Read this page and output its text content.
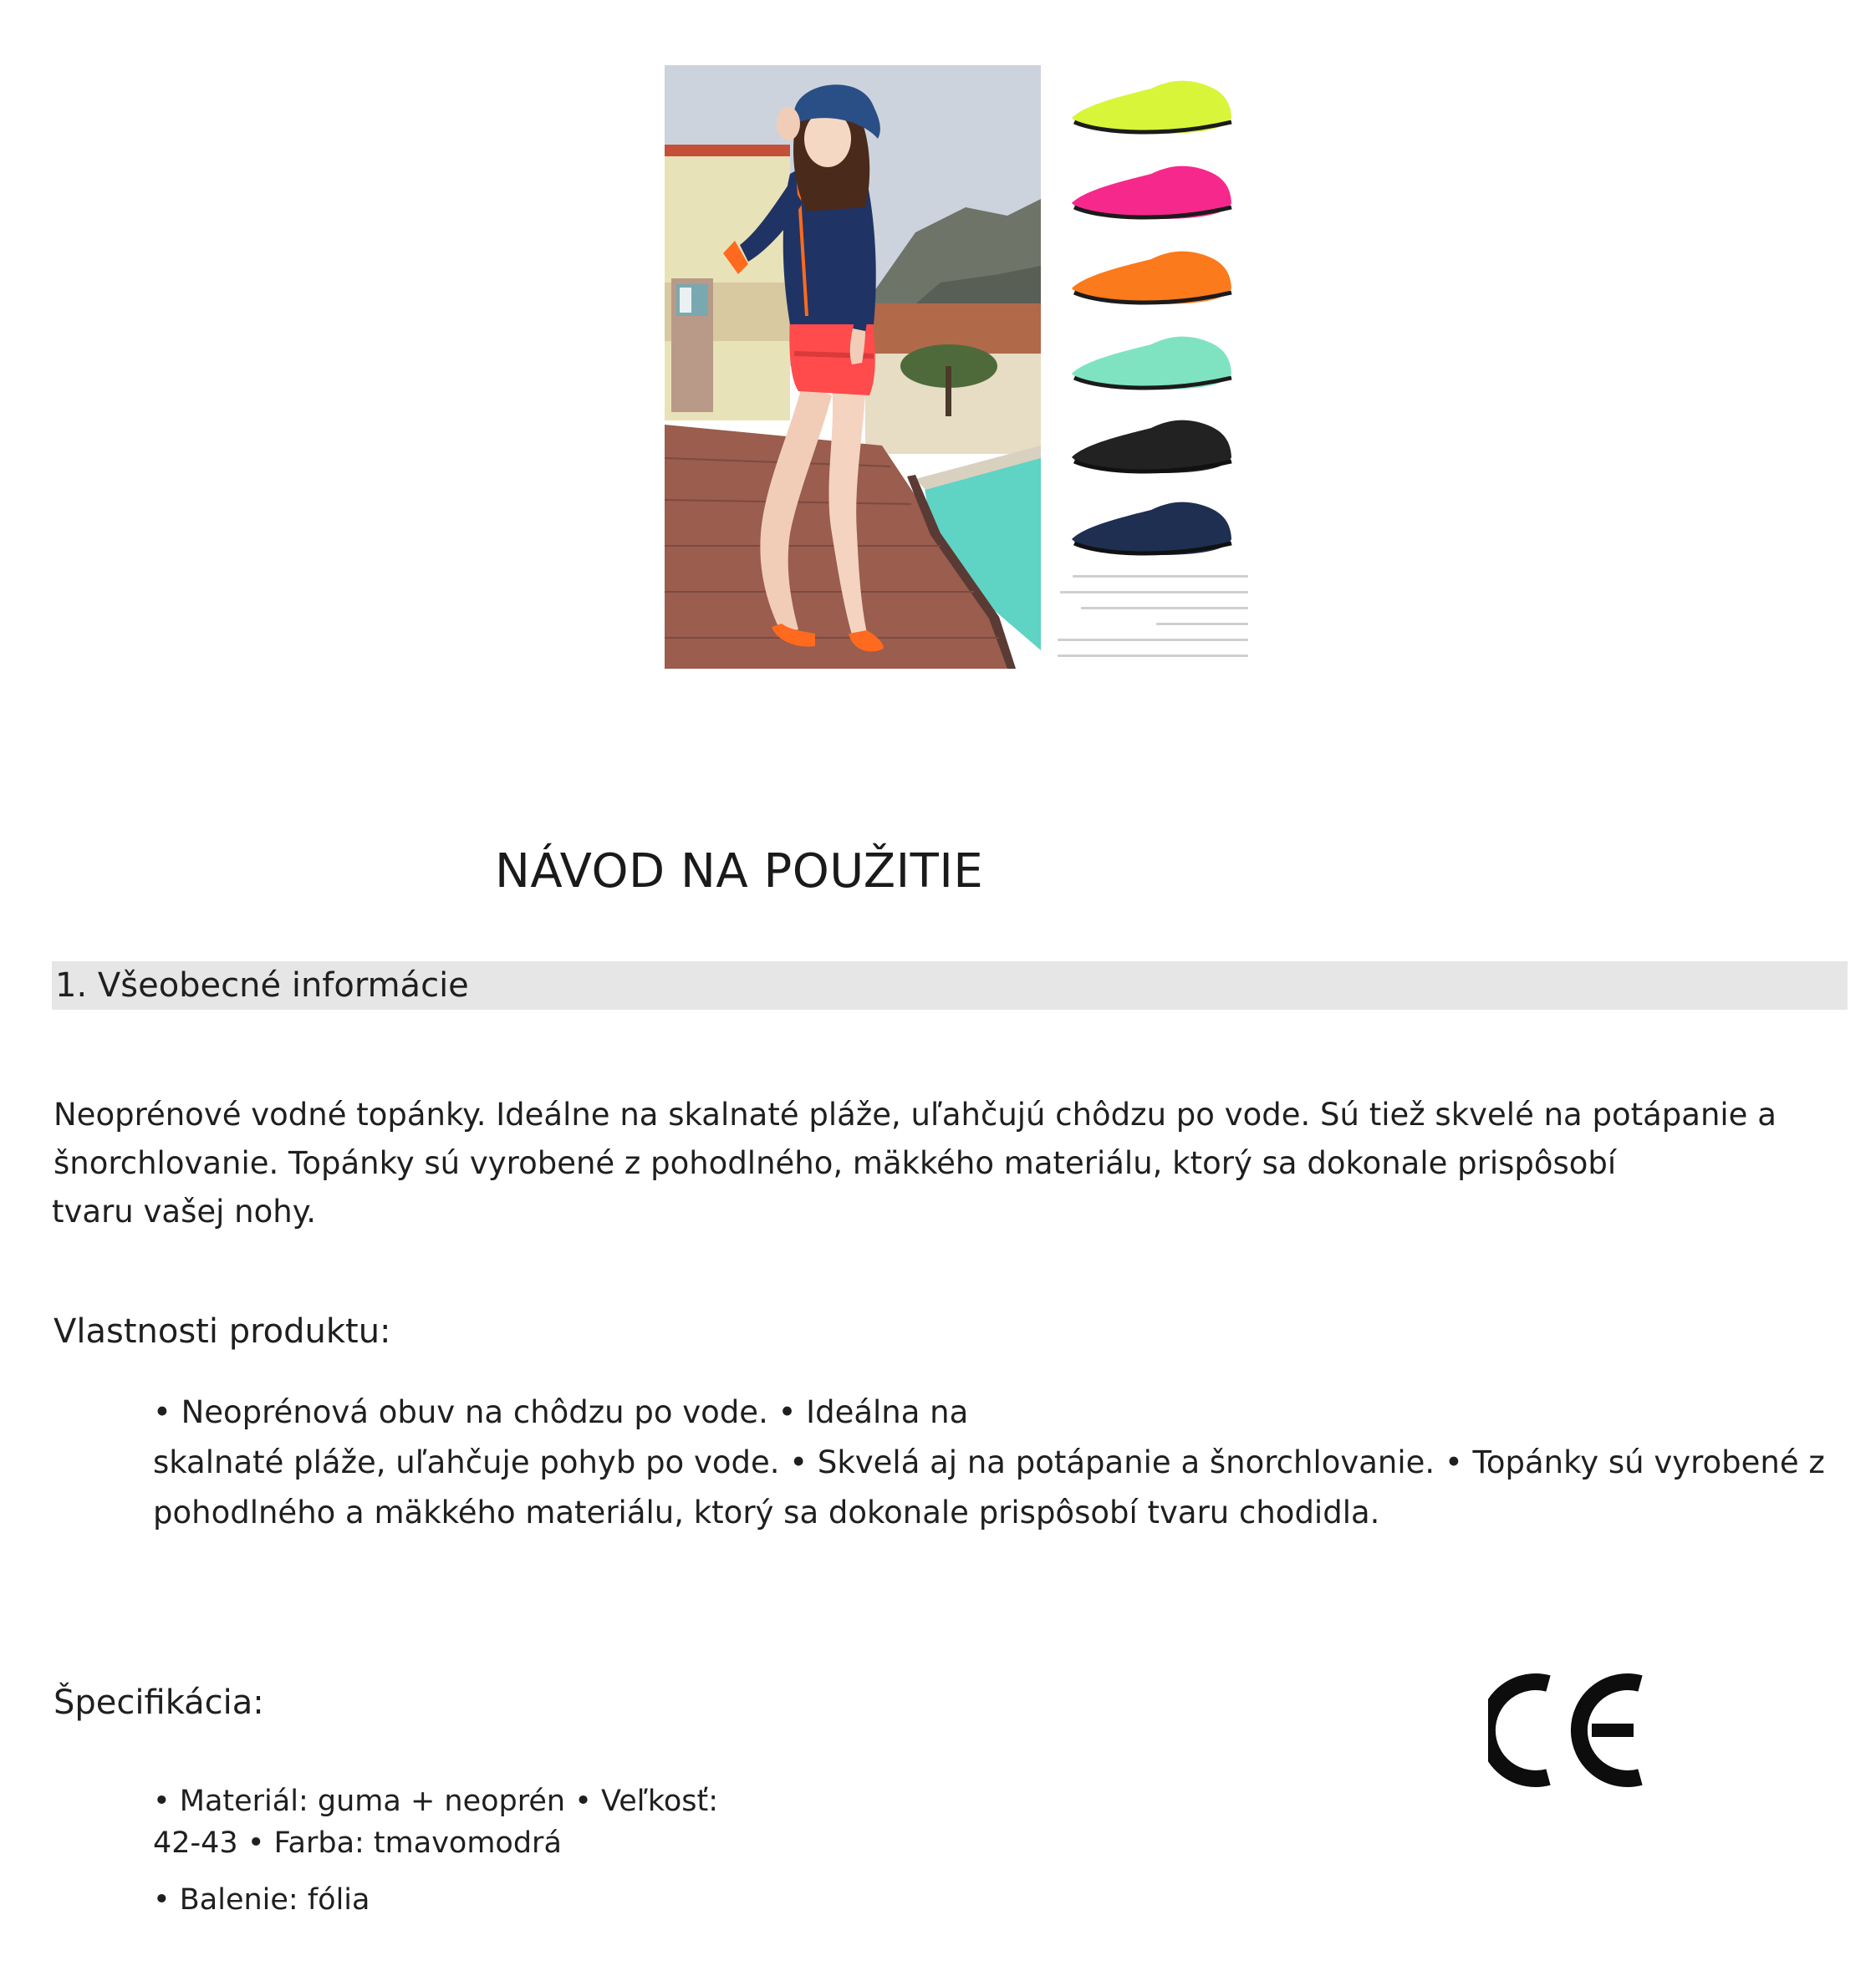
NÁVOD NA POUŽITIE
1. Všeobecné informácie

Neoprénové vodné topánky. Ideálne na skalnaté pláže, uľahčujú chôdzu po vode. Sú tiež skvelé na potápanie a
šnorchlovanie. Topánky sú vyrobené z pohodlného, mäkkého materiálu, ktorý sa dokonale prispôsobí
tvaru vašej nohy.

Vlastnosti produktu:

• Neoprénová obuv na chôdzu po vode. • Ideálna na
skalnaté pláže, uľahčuje pohyb po vode. • Skvelá aj na potápanie a šnorchlovanie. • Topánky sú vyrobené z
pohodlného a mäkkého materiálu, ktorý sa dokonale prispôsobí tvaru chodidla.

Špecifikácia:

• Materiál: guma + neoprén • Veľkosť:
42-43 • Farba: tmavomodrá
• Balenie: fólia
